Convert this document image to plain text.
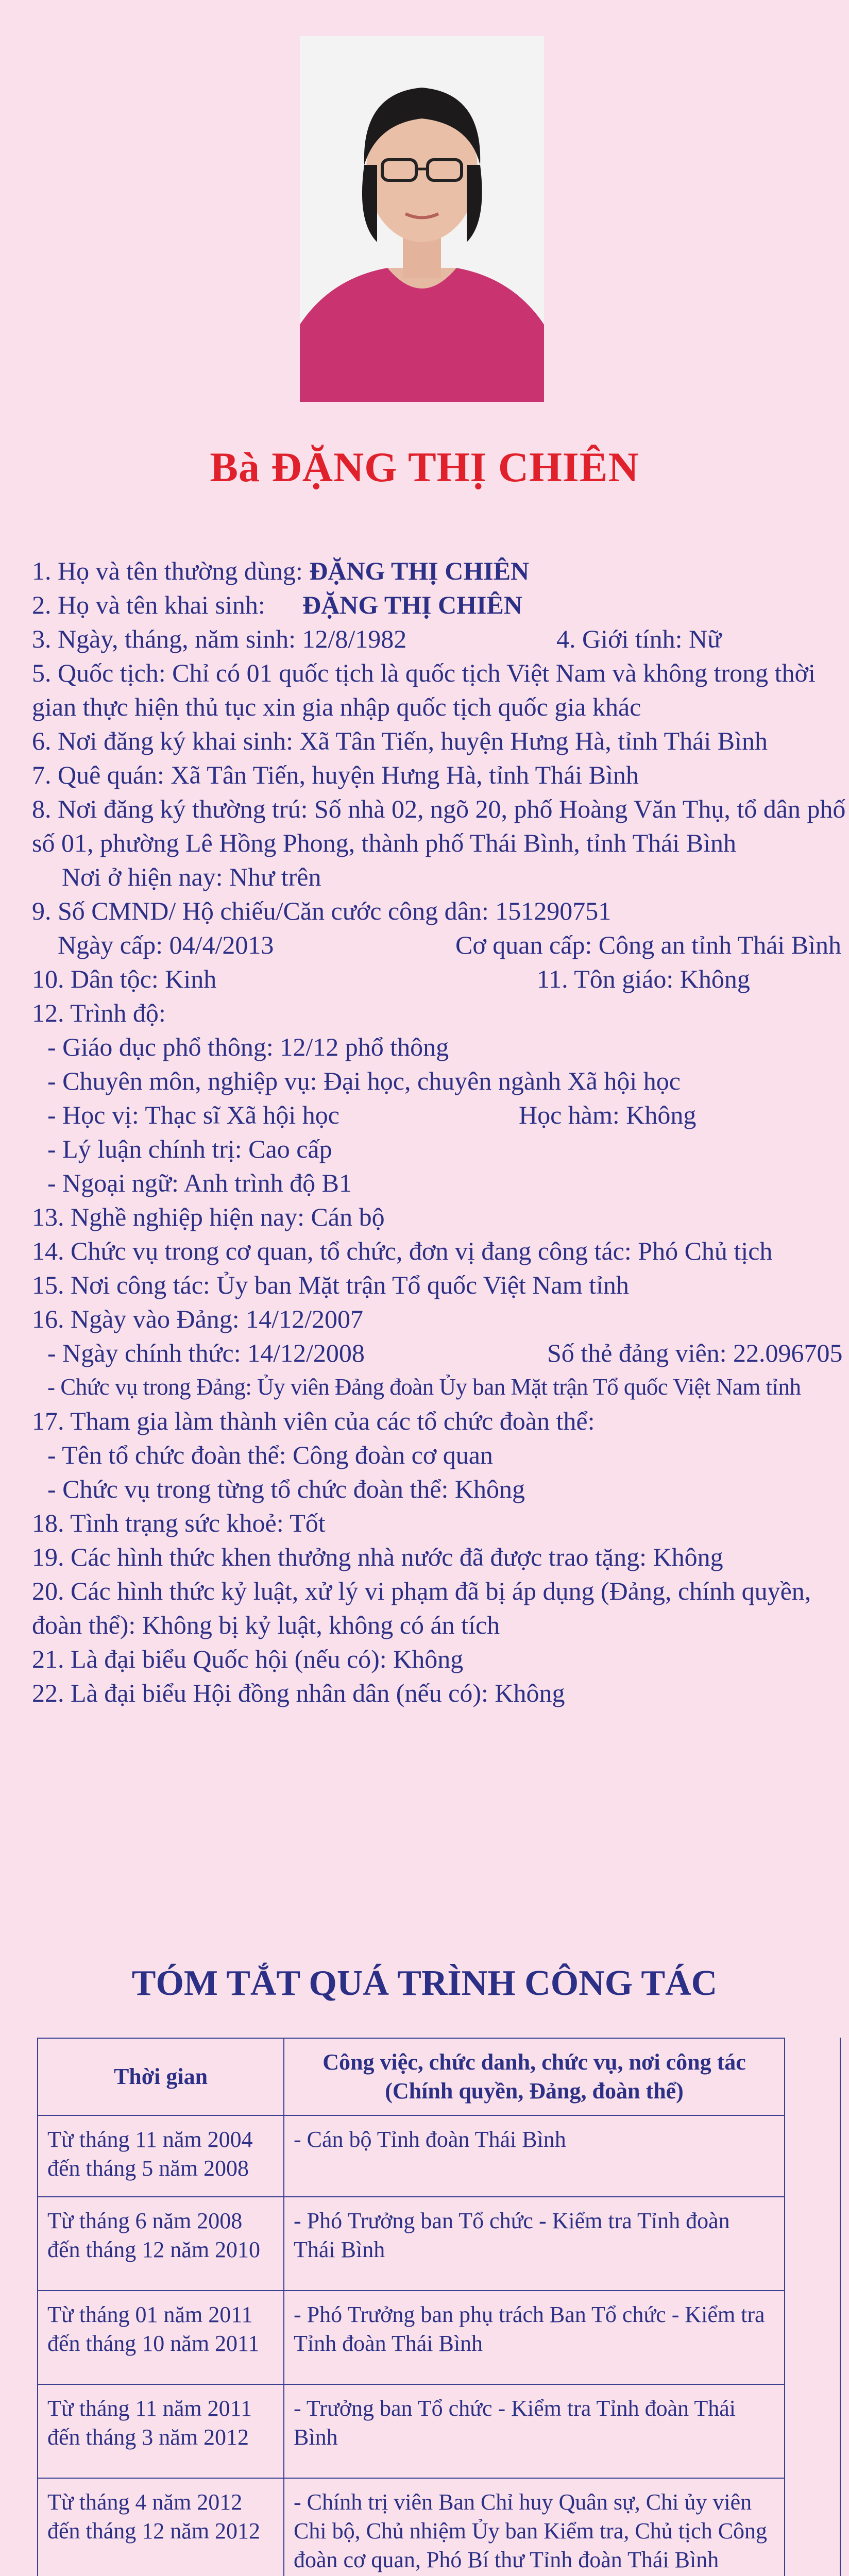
Bà ĐẶNG THỊ CHIÊN
1. Họ và tên thường dùng: ĐẶNG THỊ CHIÊN
2. Họ và tên khai sinh: ĐẶNG THỊ CHIÊN
3. Ngày, tháng, năm sinh: 12/8/1982	4. Giới tính: Nữ
5. Quốc tịch: Chỉ có 01 quốc tịch là quốc tịch Việt Nam và không trong thời gian thực hiện thủ tục xin gia nhập quốc tịch quốc gia khác
6. Nơi đăng ký khai sinh: Xã Tân Tiến, huyện Hưng Hà, tỉnh Thái Bình
7. Quê quán: Xã Tân Tiến, huyện Hưng Hà, tỉnh Thái Bình
8. Nơi đăng ký thường trú: Số nhà 02, ngõ 20, phố Hoàng Văn Thụ, tổ dân phố số 01, phường Lê Hồng Phong, thành phố Thái Bình, tỉnh Thái Bình
Nơi ở hiện nay: Như trên
9. Số CMND/ Hộ chiếu/Căn cước công dân: 151290751
Ngày cấp: 04/4/2013	Cơ quan cấp: Công an tỉnh Thái Bình
10. Dân tộc: Kinh	11. Tôn giáo: Không
12. Trình độ:
- Giáo dục phổ thông: 12/12 phổ thông
- Chuyên môn, nghiệp vụ: Đại học, chuyên ngành Xã hội học
- Học vị: Thạc sĩ Xã hội học	Học hàm: Không
- Lý luận chính trị: Cao cấp
- Ngoại ngữ: Anh trình độ B1
13. Nghề nghiệp hiện nay: Cán bộ
14. Chức vụ trong cơ quan, tổ chức, đơn vị đang công tác: Phó Chủ tịch
15. Nơi công tác: Ủy ban Mặt trận Tổ quốc Việt Nam tỉnh
16. Ngày vào Đảng: 14/12/2007
- Ngày chính thức: 14/12/2008	Số thẻ đảng viên: 22.096705
- Chức vụ trong Đảng: Ủy viên Đảng đoàn Ủy ban Mặt trận Tổ quốc Việt Nam tỉnh
17. Tham gia làm thành viên của các tổ chức đoàn thể:
- Tên tổ chức đoàn thể: Công đoàn cơ quan
- Chức vụ trong từng tổ chức đoàn thể: Không
18. Tình trạng sức khoẻ: Tốt
19. Các hình thức khen thưởng nhà nước đã được trao tặng: Không
20. Các hình thức kỷ luật, xử lý vi phạm đã bị áp dụng (Đảng, chính quyền, đoàn thể): Không bị kỷ luật, không có án tích
21. Là đại biểu Quốc hội (nếu có): Không
22. Là đại biểu Hội đồng nhân dân (nếu có): Không
TÓM TẮT QUÁ TRÌNH CÔNG TÁC
Thời gian	Công việc, chức danh, chức vụ, nơi công tác
(Chính quyền, Đảng, đoàn thể)

Từ tháng 11 năm 2004 đến tháng 5 năm 2008	- Cán bộ Tỉnh đoàn Thái Bình
Từ tháng 6 năm 2008 đến tháng 12 năm 2010	- Phó Trưởng ban Tổ chức - Kiểm tra Tỉnh đoàn Thái Bình
Từ tháng 01 năm 2011 đến tháng 10 năm 2011	- Phó Trưởng ban phụ trách Ban Tổ chức - Kiểm tra Tỉnh đoàn Thái Bình
Từ tháng 11 năm 2011 đến tháng 3 năm 2012	- Trưởng ban Tổ chức - Kiểm tra Tỉnh đoàn Thái Bình
Từ tháng 4 năm 2012 đến tháng 12 năm 2012	- Chính trị viên Ban Chỉ huy Quân sự, Chi ủy viên Chi bộ, Chủ nhiệm Ủy ban Kiểm tra, Chủ tịch Công đoàn cơ quan, Phó Bí thư Tỉnh đoàn Thái Bình
